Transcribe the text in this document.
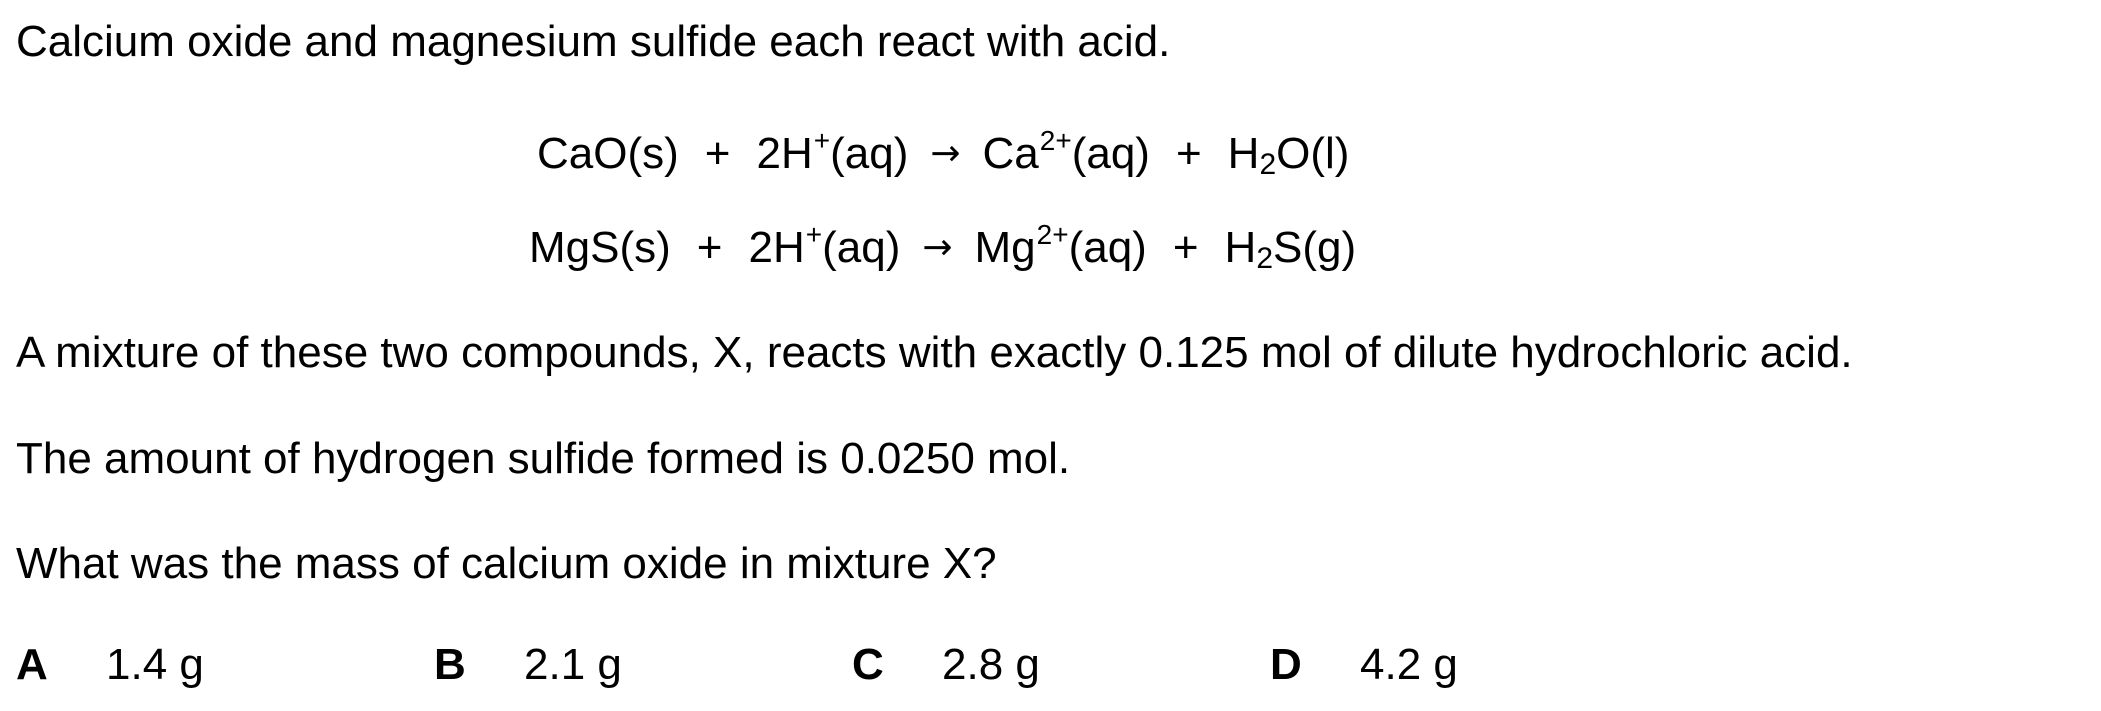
Calcium oxide and magnesium sulfide each react with acid.
$CaO(s) + 2H^+(aq) \to Ca^{2+}(aq) + H_2O(l)$
$MgS(s) + 2H^+(aq) \to Mg^{2+}(aq) + H_2S(g)$
A mixture of these two compounds, X, reacts with exactly 0.125 mol of dilute hydrochloric acid.
The amount of hydrogen sulfide formed is 0.0250 mol.
What was the mass of calcium oxide in mixture X?
A 1.4 g	B 2.1 g	C 2.8 g	D 4.2 g
